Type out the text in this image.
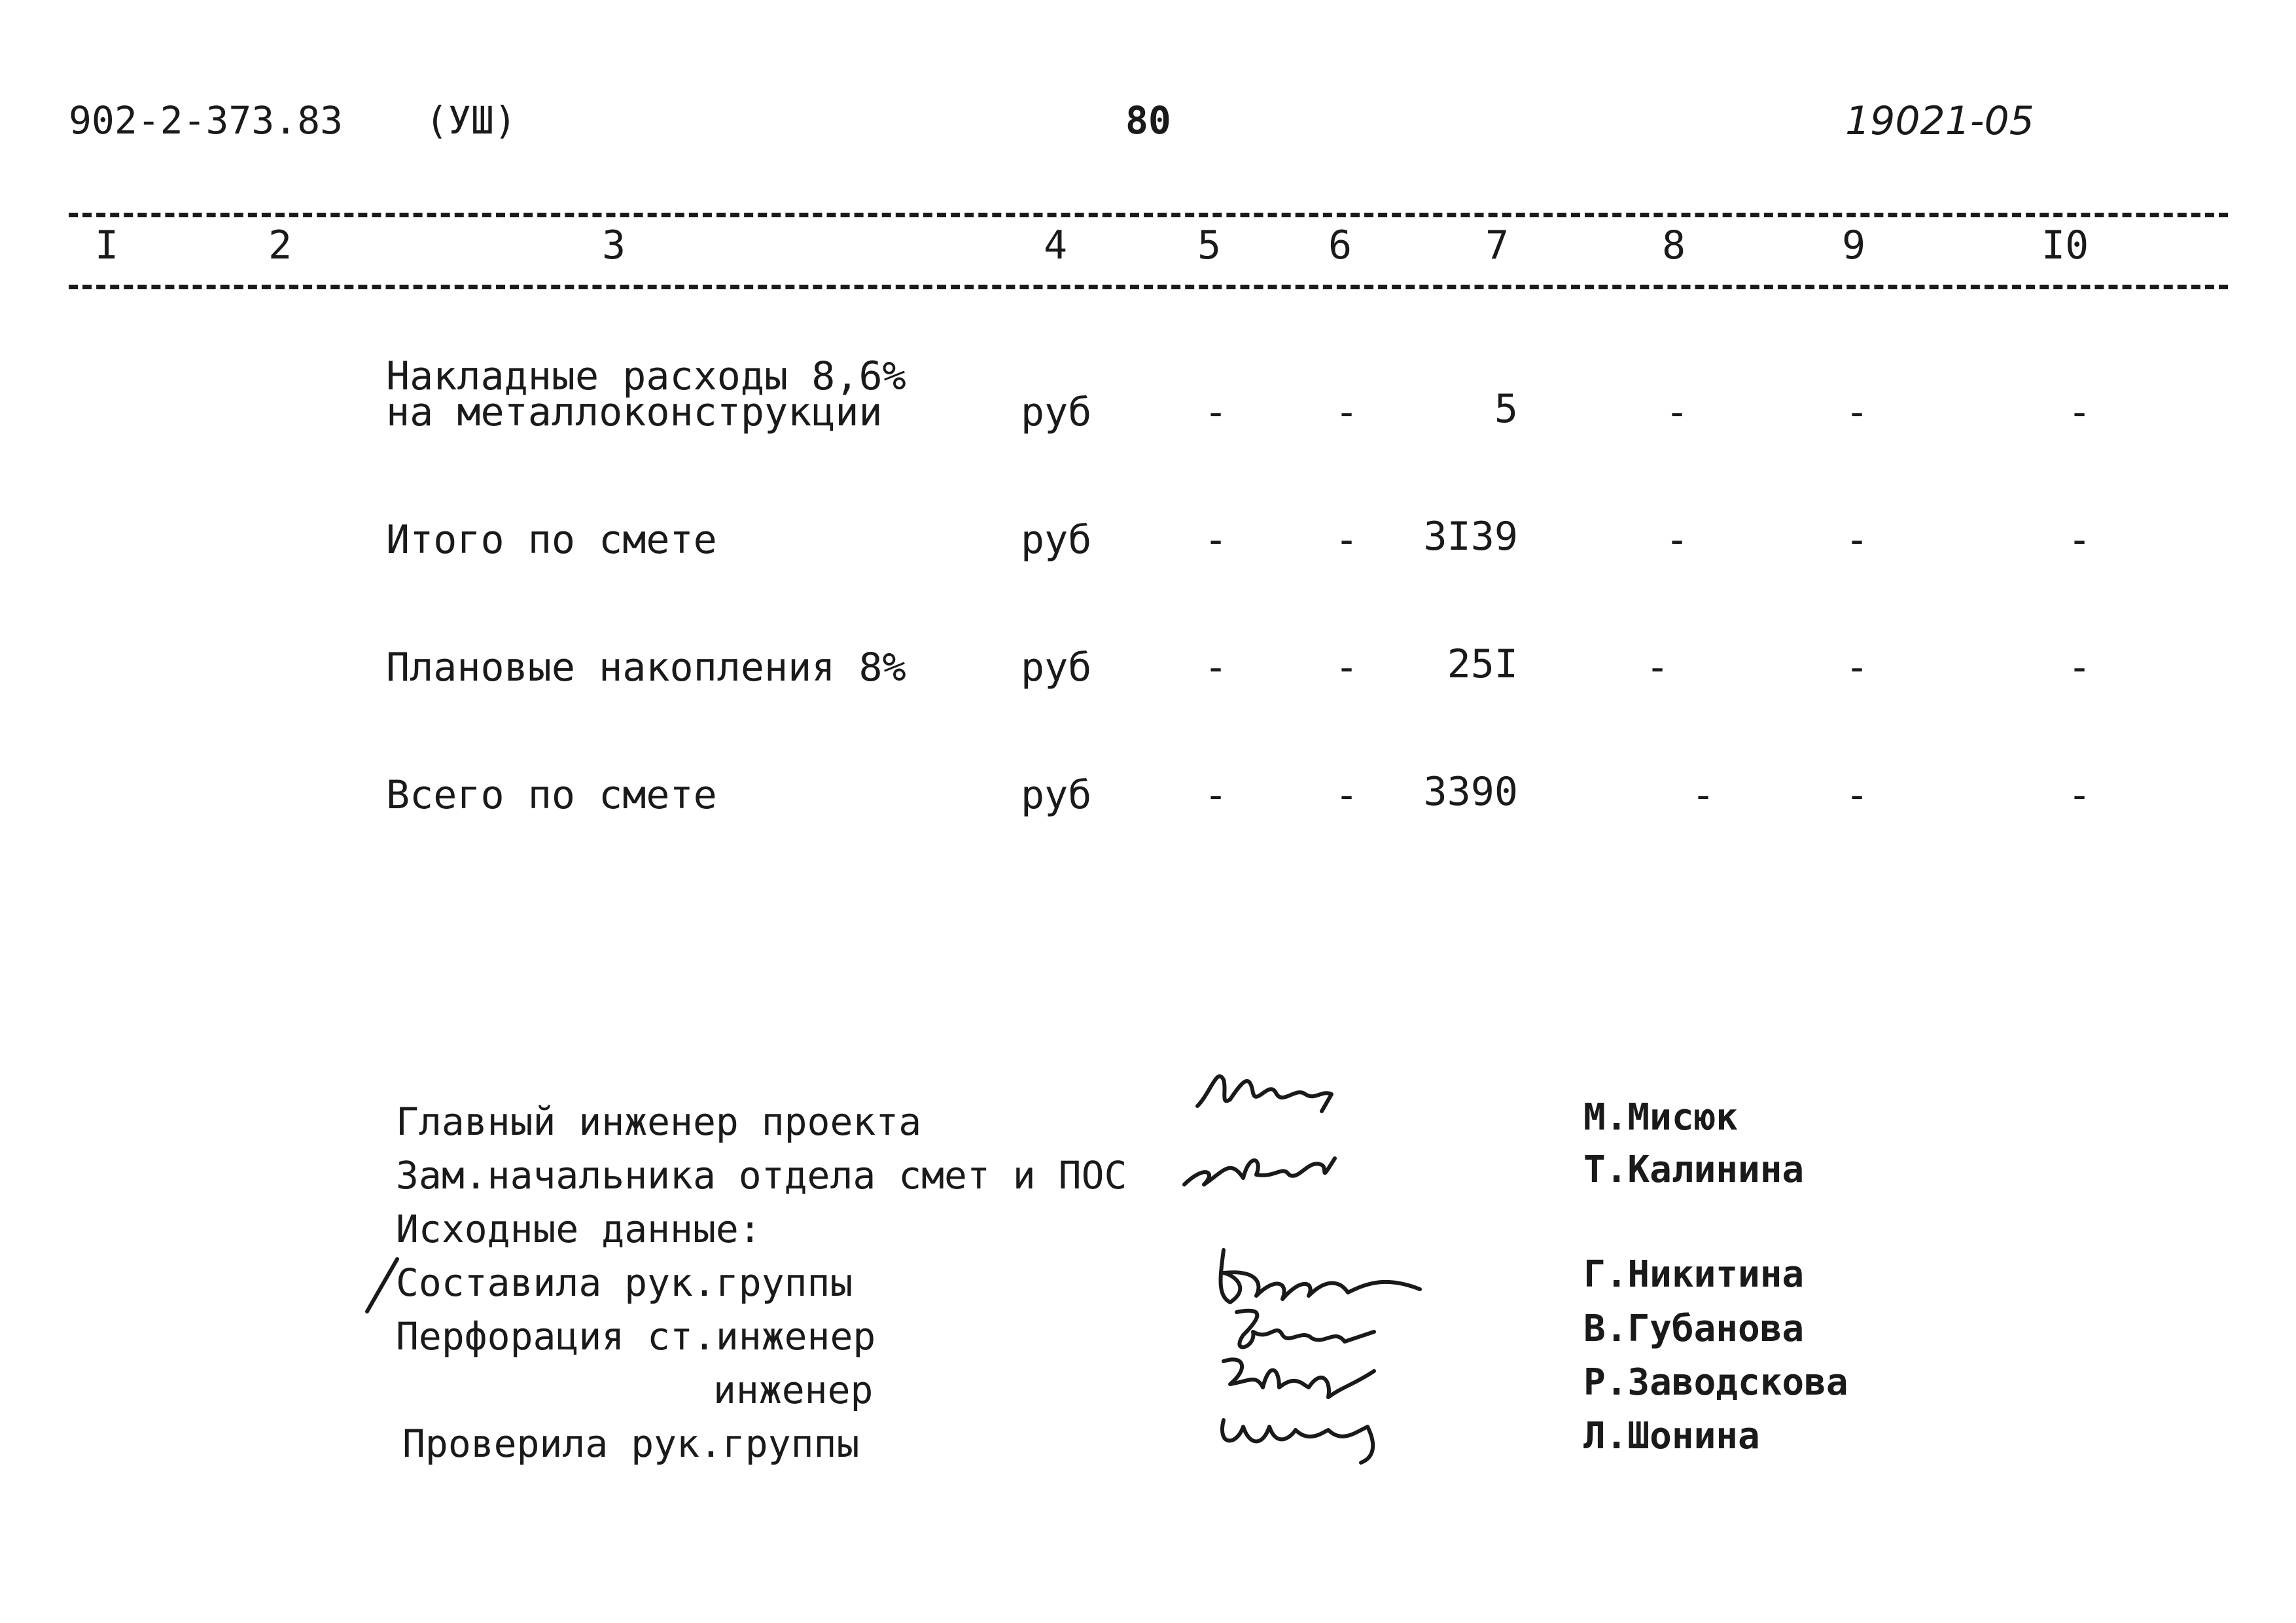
902-2-373.83 (УШ)	80	19021-05
I	2	3	4	5	6	7	8	9	I0
Накладные расходы 8,6%
на металлоконструкции	руб	-	-	5	-	-	-
Итого по смете	руб	-	-	3I39	-	-	-
Плановые накопления 8%	руб	-	-	25I	-	-	-
Всего по смете	руб	-	-	3390	-	-	-
Главный инженер проекта
Зам.начальника отдела смет и ПОС
Исходные данные:
Составила рук.группы
Перфорация ст.инженер
инженер
Проверила рук.группы
М.Мисюк
Т.Калинина
Г.Никитина
В.Губанова
Р.Заводскова
Л.Шонина
